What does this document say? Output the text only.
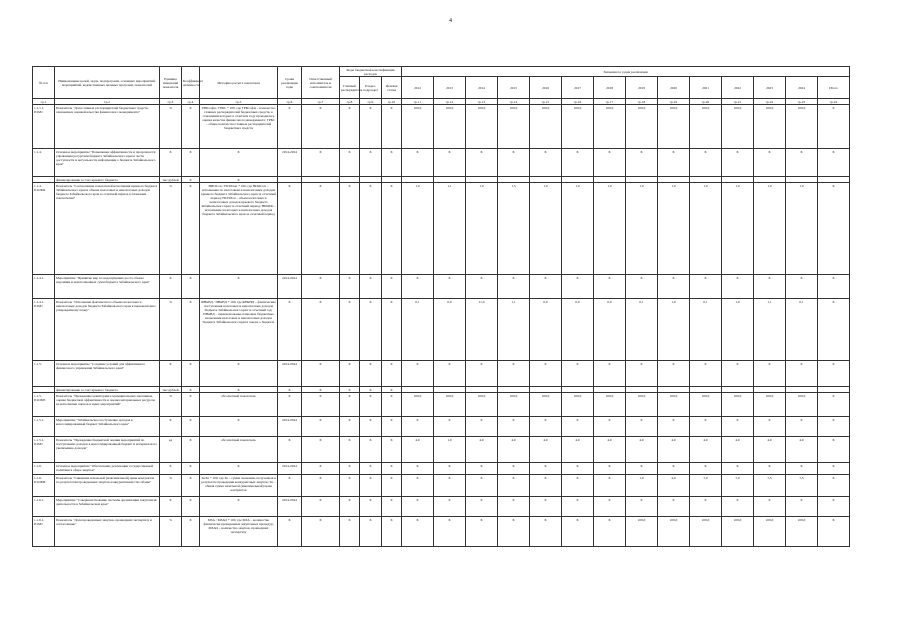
4
№ п/п	Наименование целей, задач, подпрограмм, основных мероприятий, мероприятий, ведомственных целевых программ, показателей	Единица измерения показателя	Коэффициент значимости	Методика расчета показателя	Сроки реализации годы	Ответственный исполнитель и соисполнители	Коды бюджетной классификации расходов			Значения по годам реализации													
							Главный распорядитель	Раздел, подраздел	Целевая статья	2012	2013	2014	2015	2016	2017	2018	2019	2020	2021	2022	2023	2024	Итого

гр.1	гр.2	гр.3	гр.4	гр.5	гр.6	гр.7	гр.8	гр.9	гр.10	гр.11	гр.12	гр.13	гр.14	гр.15	гр.16	гр.17	гр.18	гр.19	гр.20	гр.21	гр.22	гр.23	гр.24
1.1.1.1. П1М1	Показатель "Доля главных распорядителей бюджетных средств, охваченных оценкой качества финансового менеджмента"	%	Х	ГРБСофм / ГРБС * 100, где ГРБСофм – количество главных распорядителей бюджетных средств, в отношении которых в отчетном году проводилась оценка качества финансового менеджмента; ГРБС – общее количество главных распорядителей бюджетных средств	Х	Х	Х	Х	Х	100,0	100,0	100,0	100,0	100,0	100,0	100,0	100,0	100,0	100,0	100,0	100,0	100,0	Х
1.1.4.	Основное мероприятие "Повышение эффективности и прозрачности управления ресурсами бюджета Забайкальского края в части доступности и актуальности информации о бюджете Забайкальского края"	Х	Х	Х	2014-2024	Х	Х	Х	Х	Х	Х	Х	Х	Х	Х	Х	Х	Х	Х	Х	Х	Х	Х
	финансирование за счет краевого бюджета	тыс.рублей	Х	Х																			
1.1.4. П1ОМ4	Показатель "Соотношение показателей исполнения краевого бюджета Забайкальского края и объема налоговых и неналоговых доходов бюджета Забайкальского края за отчетный период к плановым показателям"	%	Х	НИОСоп / НСПОоп * 100, где НИОСоп – исполнение по налоговым и неналоговым доходам краевого бюджета Забайкальского края за отчетный период; НСПОоп – объем налоговых и неналоговых доходов краевого бюджета Забайкальского края за отчетный период; НИОПп – исполнение налоговых и неналоговых доходов бюджета Забайкальского края за отчетный период	Х	Х	Х	Х	Х	1,0	1,1	1,0	1,5	1,0	1,0	1,0	1,0	1,0	1,0	1,0	1,0	1,0	Х
1.1.4.1.	Мероприятие "Принятие мер по недопущению роста объема недоимки и неисполненных сумм бюджета Забайкальского края"	Х	Х	Х	2014-2024	Х	Х	Х	Х	Х	Х	Х	Х	Х	Х	Х	Х	Х	Х	Х	Х	Х	Х
1.1.4.1. П1М1	Показатель "Отношение фактического объема налоговых и неналоговых доходов бюджета Забайкальского края к первоначально утвержденному плану"	%	Х	ФНиНД / ПНиНД * 100, где ФНиНД – фактические поступления налоговых и неналоговых доходов бюджета Забайкальского края за отчетный год; ПНиНД – первоначальные плановые бюджетные назначения налоговых и неналоговых доходов бюджета Забайкальского края в законе о бюджете	Х	Х	Х	Х	Х	0,1	0,0	11,0	1,1	0,0	0,0	0,0	0,1	1,0	0,1	1,0	1,1	0,1	Х
1.1.5.	Основное мероприятие "Создание условий для эффективного финансового управления Забайкальского края"	Х	Х	Х	2014-2024	Х	Х	Х	Х	Х	Х	Х	Х	Х	Х	Х	Х	Х	Х	Х	Х	Х	Х
	финансирование за счет краевого бюджета	тыс.рублей	Х	Х	Х	Х	Х	Х	Х														
1.1.5. П1ОМ5	Показатель "Проведение мониторинга муниципальных заказчиков, оценка бюджетной эффективности и оценка материальных ресурсов на исполнение заказов и иных мероприятий"	%	Х	абсолютный показатель	Х	Х	Х	Х	Х	100,0	100,0	100,0	100,0	100,0	100,0	100,0	100,0	100,0	100,0	100,0	100,0	100,0	Х
1.1.5.1.	Мероприятие "Забайкальское поступление доходов в консолидированный бюджет Забайкальского края"	Х	Х	Х	2014-2024	Х	Х	Х	Х	Х	Х	Х	Х	Х	Х	Х	Х	Х	Х	Х	Х	Х	Х
1.1.5.1. П1М1	Показатель "Проведение бюджетной оценки мероприятий по поступлению доходов в консолидированный бюджет и материалов по увеличению доходов"	ед	Х	абсолютный показатель	Х	Х	Х	Х	Х	4,0	1,0	4,0	4,0	4,0	4,0	4,0	4,0	4,0	4,0	4,0	4,0	4,0	Х
1.1.6.	Основное мероприятие "Обеспечение реализации государственной политики в сфере закупок"	Х	Х	Х	2014-2024	Х	Х	Х	Х	Х	Х	Х	Х	Х	Х	Х	Х	Х	Х	Х	Х	Х	Х
1.1.6. П1ОМ6	Показатель "Снижение начальной (максимальной) цены контрактов по результатам проведенных закупок конкурентными способами"	%	Х	Зк/Зп * 100, где Зк – сумма экономии, полученная в результате проведения конкурентных закупок; Зп – общая сумма начальной (максимальной) цены контрактов	Х	Х	Х	Х	Х	Х	Х	Х	Х	Х	Х	Х	1,0	4,0	7,0	7,0	7,5	7,5	Х
1.1.6.1.	Мероприятие "Совершенствование системы организации закупочной деятельности в Забайкальском крае"	Х	Х	Х	2014-2024	Х	Х	Х	Х	Х	Х	Х	Х	Х	Х	Х	Х	Х	Х	Х	Х	Х	Х
1.1.6.1. П1М1	Показатель "Доля проведенных закупок, прошедших экспертизу и согласование"	%	Х	МЗА / МЗАО * 100, где МЗА – количество фактически проведенных закупочных процедур; МЗАО – количество закупок, прошедших экспертизу	Х	Х	Х	Х	Х	Х	Х	Х	Х	Х	Х	Х	100,0	100,0	100,0	100,0	100,0	100,0	Х
